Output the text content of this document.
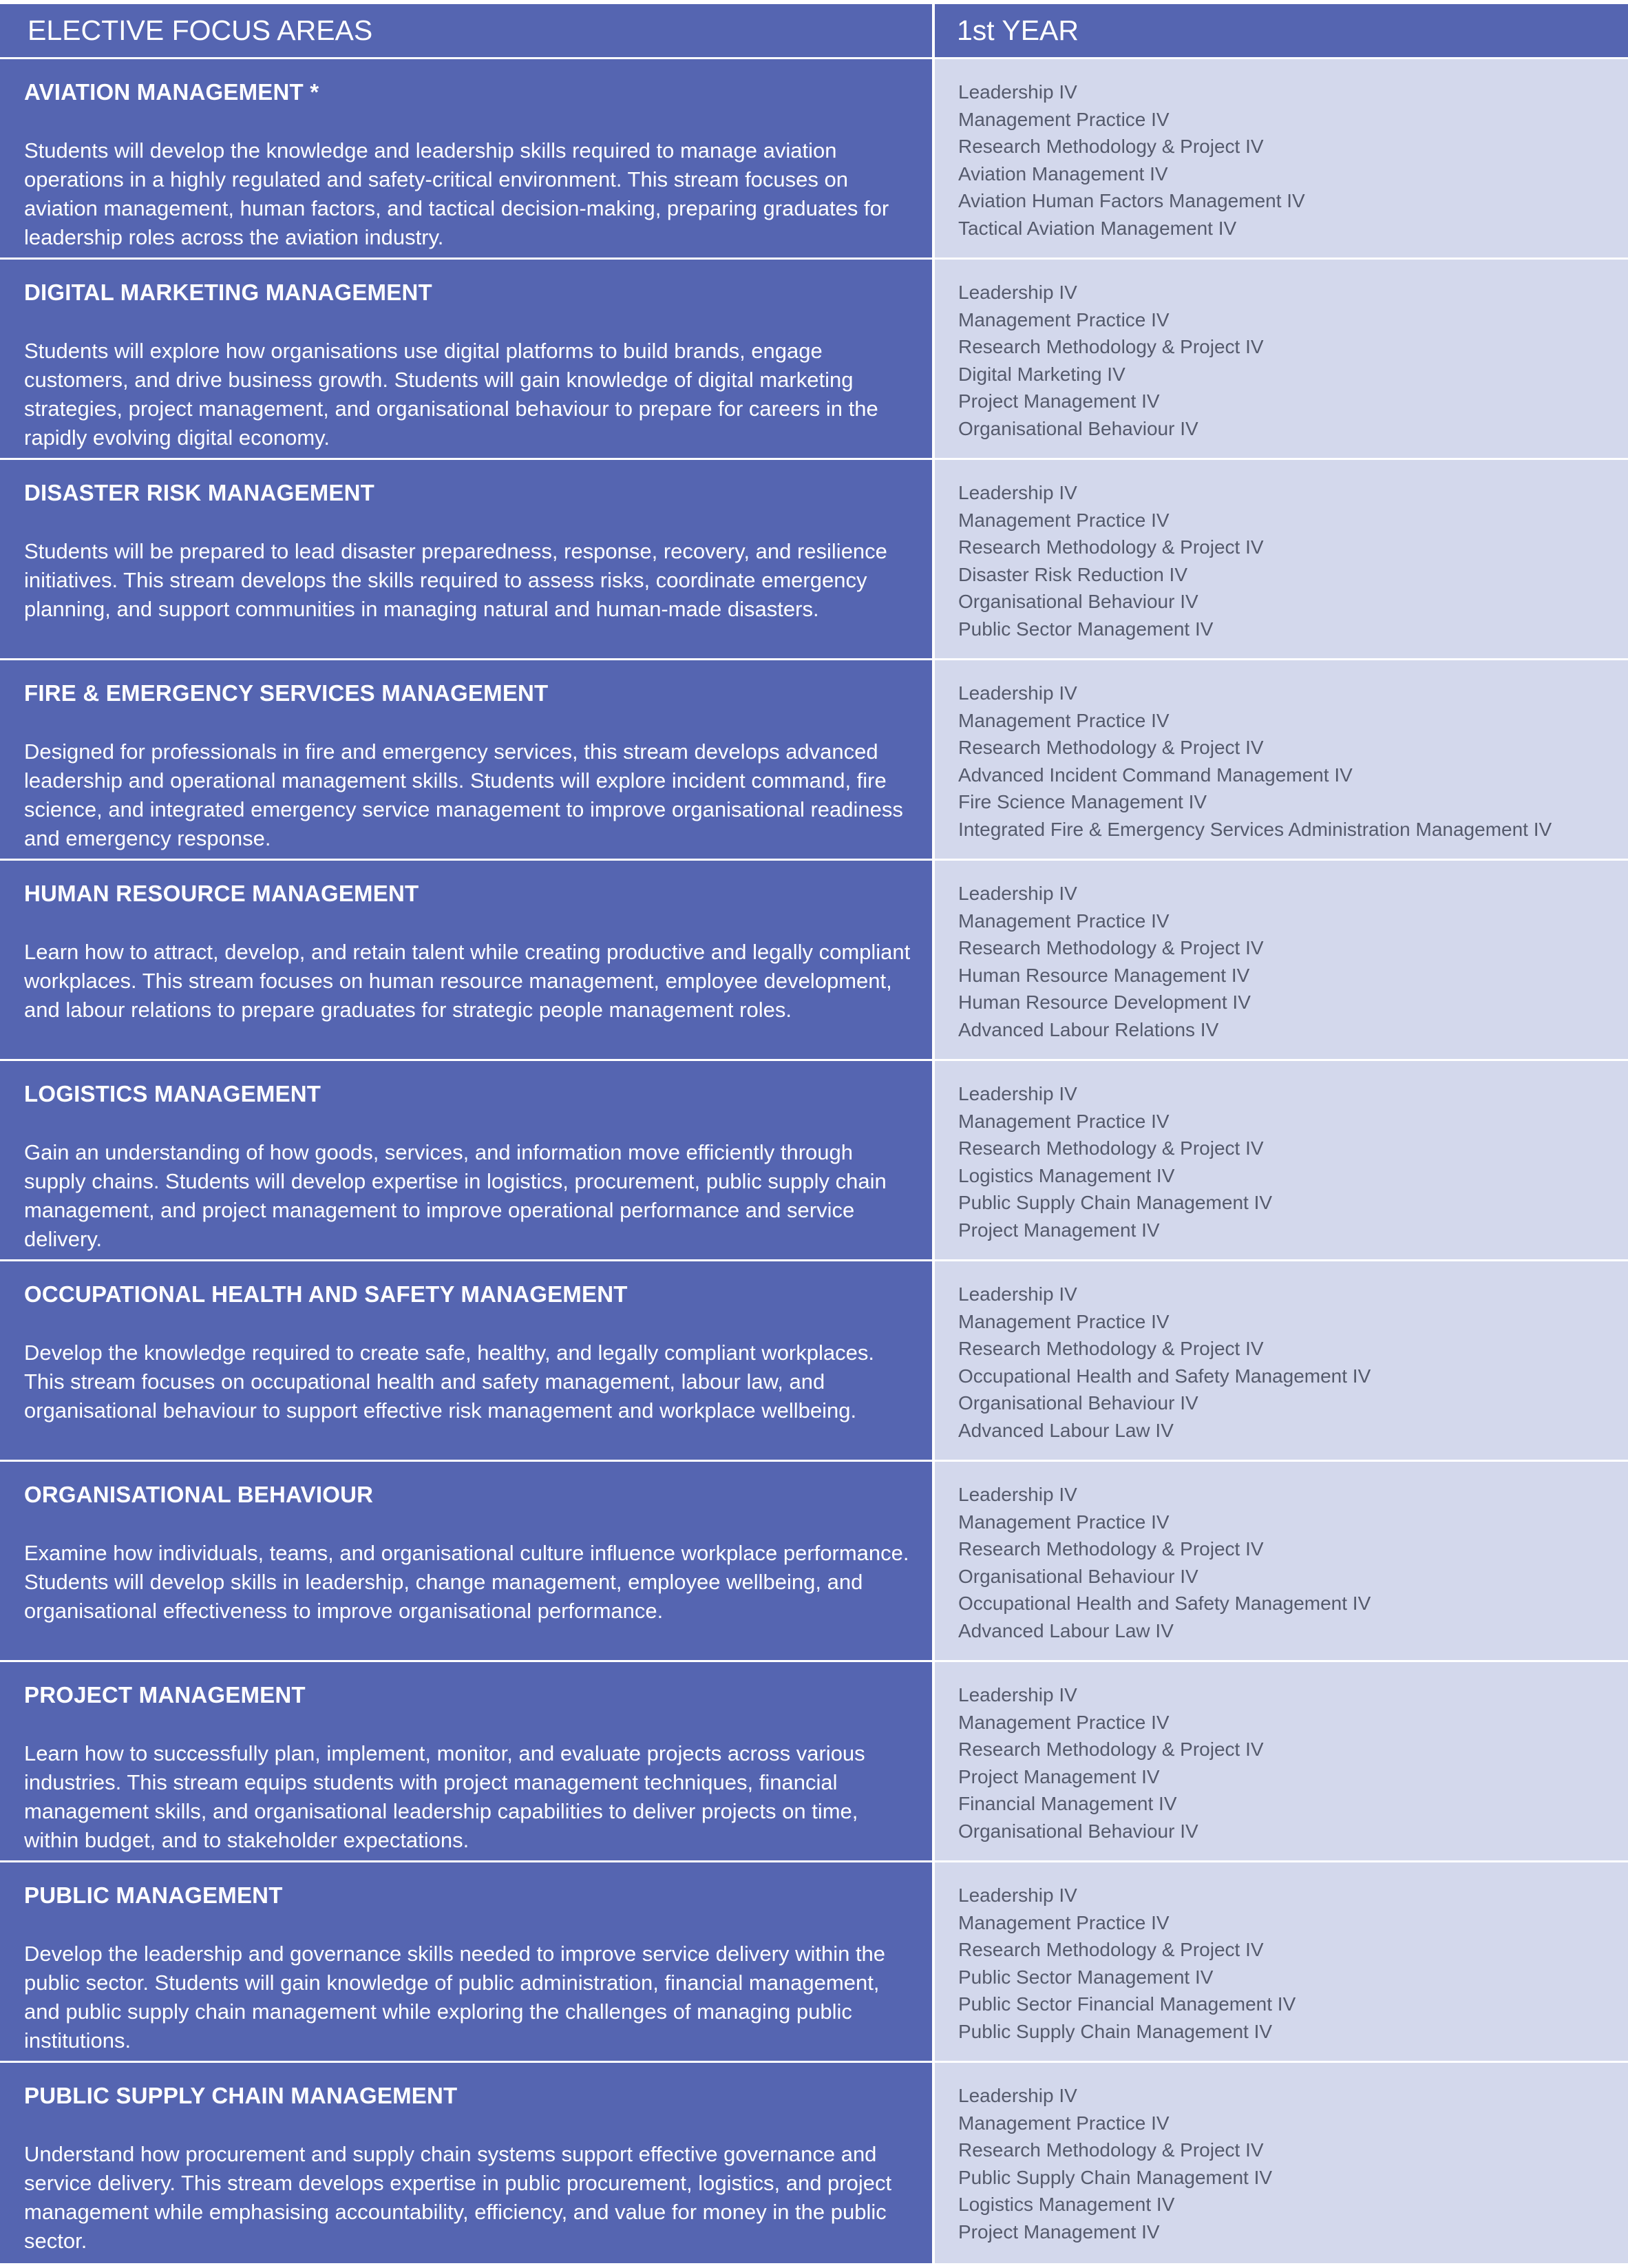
ELECTIVE FOCUS AREAS	1st YEAR

AVIATION MANAGEMENT *

Students will develop the knowledge and leadership skills required to manage aviation operations in a highly regulated and safety-critical environment. This stream focuses on aviation management, human factors, and tactical decision-making, preparing graduates for leadership roles across the aviation industry.

Leadership IV
Management Practice IV
Research Methodology & Project IV
Aviation Management IV
Aviation Human Factors Management IV
Tactical Aviation Management IV

DIGITAL MARKETING MANAGEMENT

Students will explore how organisations use digital platforms to build brands, engage customers, and drive business growth. Students will gain knowledge of digital marketing strategies, project management, and organisational behaviour to prepare for careers in the rapidly evolving digital economy.

Leadership IV
Management Practice IV
Research Methodology & Project IV
Digital Marketing IV
Project Management IV
Organisational Behaviour IV

DISASTER RISK MANAGEMENT

Students will be prepared to lead disaster preparedness, response, recovery, and resilience initiatives. This stream develops the skills required to assess risks, coordinate emergency planning, and support communities in managing natural and human-made disasters.

Leadership IV
Management Practice IV
Research Methodology & Project IV
Disaster Risk Reduction IV
Organisational Behaviour IV
Public Sector Management IV

FIRE & EMERGENCY SERVICES MANAGEMENT

Designed for professionals in fire and emergency services, this stream develops advanced leadership and operational management skills. Students will explore incident command, fire science, and integrated emergency service management to improve organisational readiness and emergency response.

Leadership IV
Management Practice IV
Research Methodology & Project IV
Advanced Incident Command Management IV
Fire Science Management IV
Integrated Fire & Emergency Services Administration Management IV

HUMAN RESOURCE MANAGEMENT

Learn how to attract, develop, and retain talent while creating productive and legally compliant workplaces. This stream focuses on human resource management, employee development, and labour relations to prepare graduates for strategic people management roles.

Leadership IV
Management Practice IV
Research Methodology & Project IV
Human Resource Management IV
Human Resource Development IV
Advanced Labour Relations IV

LOGISTICS MANAGEMENT

Gain an understanding of how goods, services, and information move efficiently through supply chains. Students will develop expertise in logistics, procurement, public supply chain management, and project management to improve operational performance and service delivery.

Leadership IV
Management Practice IV
Research Methodology & Project IV
Logistics Management IV
Public Supply Chain Management IV
Project Management IV

OCCUPATIONAL HEALTH AND SAFETY MANAGEMENT

Develop the knowledge required to create safe, healthy, and legally compliant workplaces. This stream focuses on occupational health and safety management, labour law, and organisational behaviour to support effective risk management and workplace wellbeing.

Leadership IV
Management Practice IV
Research Methodology & Project IV
Occupational Health and Safety Management IV
Organisational Behaviour IV
Advanced Labour Law IV

ORGANISATIONAL BEHAVIOUR

Examine how individuals, teams, and organisational culture influence workplace performance. Students will develop skills in leadership, change management, employee wellbeing, and organisational effectiveness to improve organisational performance.

Leadership IV
Management Practice IV
Research Methodology & Project IV
Organisational Behaviour IV
Occupational Health and Safety Management IV
Advanced Labour Law IV

PROJECT MANAGEMENT

Learn how to successfully plan, implement, monitor, and evaluate projects across various industries. This stream equips students with project management techniques, financial management skills, and organisational leadership capabilities to deliver projects on time, within budget, and to stakeholder expectations.

Leadership IV
Management Practice IV
Research Methodology & Project IV
Project Management IV
Financial Management IV
Organisational Behaviour IV

PUBLIC MANAGEMENT

Develop the leadership and governance skills needed to improve service delivery within the public sector. Students will gain knowledge of public administration, financial management, and public supply chain management while exploring the challenges of managing public institutions.

Leadership IV
Management Practice IV
Research Methodology & Project IV
Public Sector Management IV
Public Sector Financial Management IV
Public Supply Chain Management IV

PUBLIC SUPPLY CHAIN MANAGEMENT

Understand how procurement and supply chain systems support effective governance and service delivery. This stream develops expertise in public procurement, logistics, and project management while emphasising accountability, efficiency, and value for money in the public sector.

Leadership IV
Management Practice IV
Research Methodology & Project IV
Public Supply Chain Management IV
Logistics Management IV
Project Management IV
